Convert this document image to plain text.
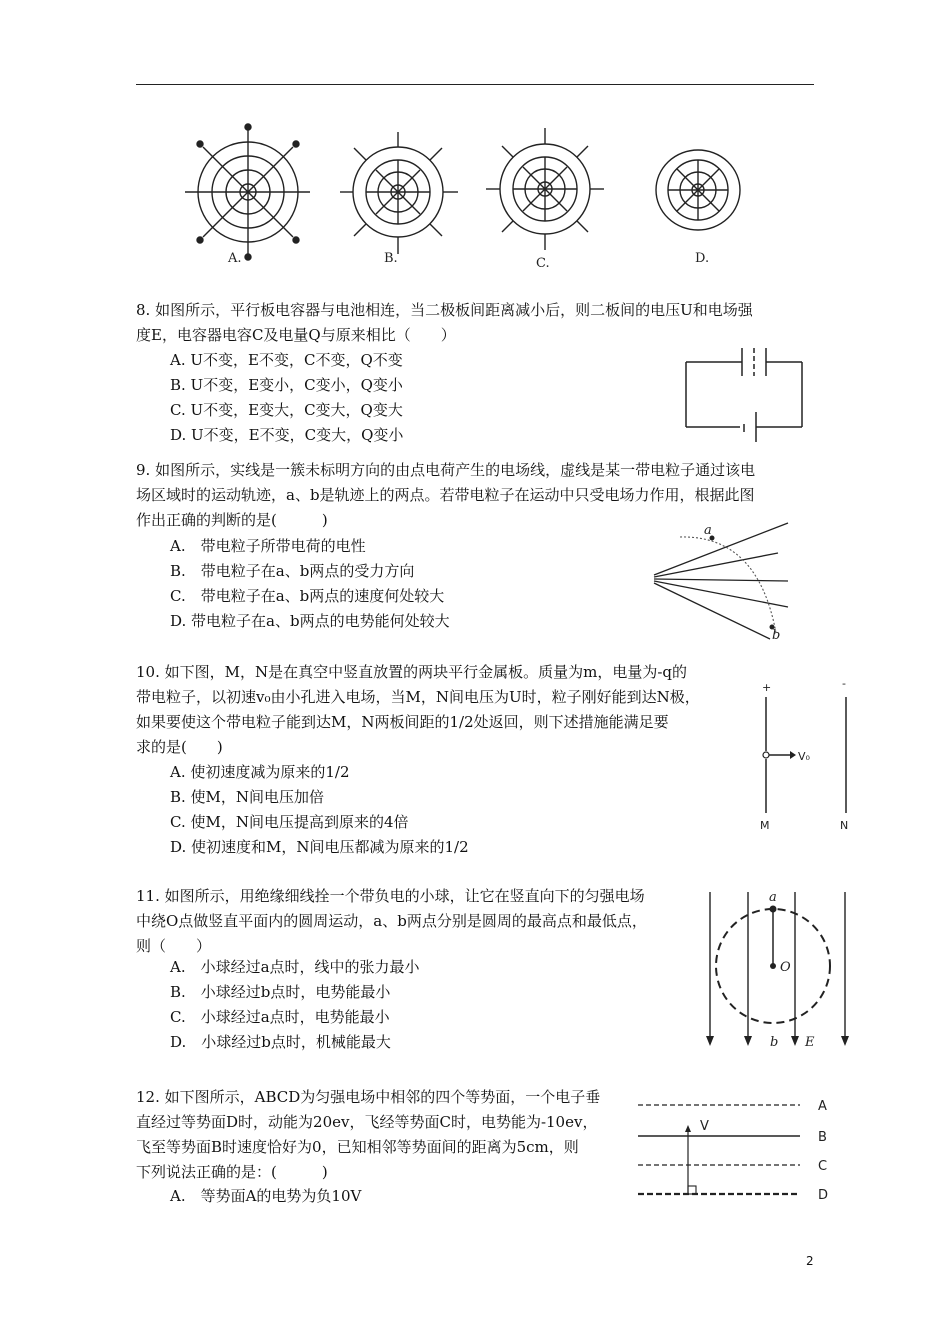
A.	B.	C.	D.

8. 如图所示，平行板电容器与电池相连，当二极板间距离减小后，则二板间的电压U和电场强

度E，电容器电容C及电量Q与原来相比（　　）

A. U不变，E不变，C不变，Q不变
B. U不变，E变小，C变小，Q变小
C. U不变，E变大，C变大，Q变大
D. U不变，E不变，C变大，Q变小

9. 如图所示，实线是一簇未标明方向的由点电荷产生的电场线，虚线是某一带电粒子通过该电

场区域时的运动轨迹，a、b是轨迹上的两点。若带电粒子在运动中只受电场力作用，根据此图

作出正确的判断的是(　　　)

A.　带电粒子所带电荷的电性
B.　带电粒子在a、b两点的受力方向
C.　带电粒子在a、b两点的速度何处较大
D. 带电粒子在a、b两点的电势能何处较大
a
b

10. 如下图，M，N是在真空中竖直放置的两块平行金属板。质量为m，电量为-q的

带电粒子，以初速v₀由小孔进入电场，当M，N间电压为U时，粒子刚好能到达N极，

如果要使这个带电粒子能到达M，N两板间距的1/2处返回，则下述措施能满足要

求的是(　　)

A. 使初速度减为原来的1/2
B. 使M，N间电压加倍
C. 使M，N间电压提高到原来的4倍
D. 使初速度和M，N间电压都减为原来的1/2
+	-
V₀
M	N

11. 如图所示，用绝缘细线拴一个带负电的小球，让它在竖直向下的匀强电场

中绕O点做竖直平面内的圆周运动，a、b两点分别是圆周的最高点和最低点，

则（　　）

A.　小球经过a点时，线中的张力最小
B.　小球经过b点时，电势能最小
C.　小球经过a点时，电势能最小
D.　小球经过b点时，机械能最大
a
O
b E

12. 如下图所示，ABCD为匀强电场中相邻的四个等势面，一个电子垂

直经过等势面D时，动能为20ev，飞经等势面C时，电势能为-10ev，

飞至等势面B时速度恰好为0，已知相邻等势面间的距离为5cm，则

下列说法正确的是：(　　　)

A.　等势面A的电势为负10V
V
A
B
C
D
2
